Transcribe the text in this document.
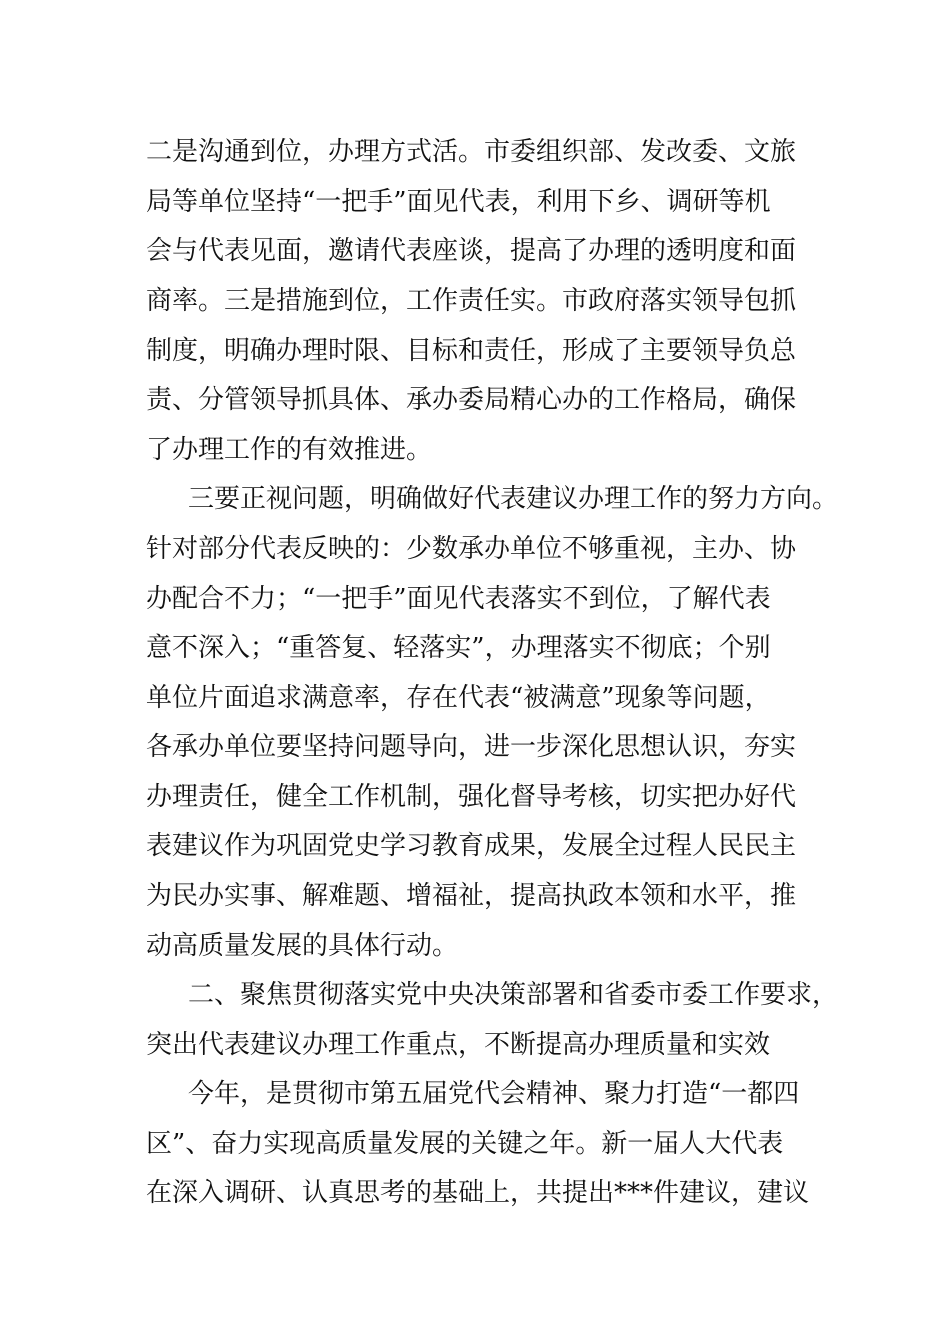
二是沟通到位，办理方式活。市委组织部、发改委、文旅
局等单位坚持“一把手”面见代表，利用下乡、调研等机
会与代表见面，邀请代表座谈，提高了办理的透明度和面
商率。三是措施到位，工作责任实。市政府落实领导包抓
制度，明确办理时限、目标和责任，形成了主要领导负总
责、分管领导抓具体、承办委局精心办的工作格局，确保
了办理工作的有效推进。
三要正视问题，明确做好代表建议办理工作的努力方向。
针对部分代表反映的：少数承办单位不够重视，主办、协
办配合不力；“一把手”面见代表落实不到位，了解代表
意不深入；“重答复、轻落实”，办理落实不彻底；个别
单位片面追求满意率，存在代表“被满意”现象等问题，
各承办单位要坚持问题导向，进一步深化思想认识，夯实
办理责任，健全工作机制，强化督导考核，切实把办好代
表建议作为巩固党史学习教育成果，发展全过程人民民主
为民办实事、解难题、增福祉，提高执政本领和水平，推
动高质量发展的具体行动。
二、聚焦贯彻落实党中央决策部署和省委市委工作要求，
突出代表建议办理工作重点，不断提高办理质量和实效
今年，是贯彻市第五届党代会精神、聚力打造“一都四
区”、奋力实现高质量发展的关键之年。新一届人大代表
在深入调研、认真思考的基础上，共提出***件建议，建议
